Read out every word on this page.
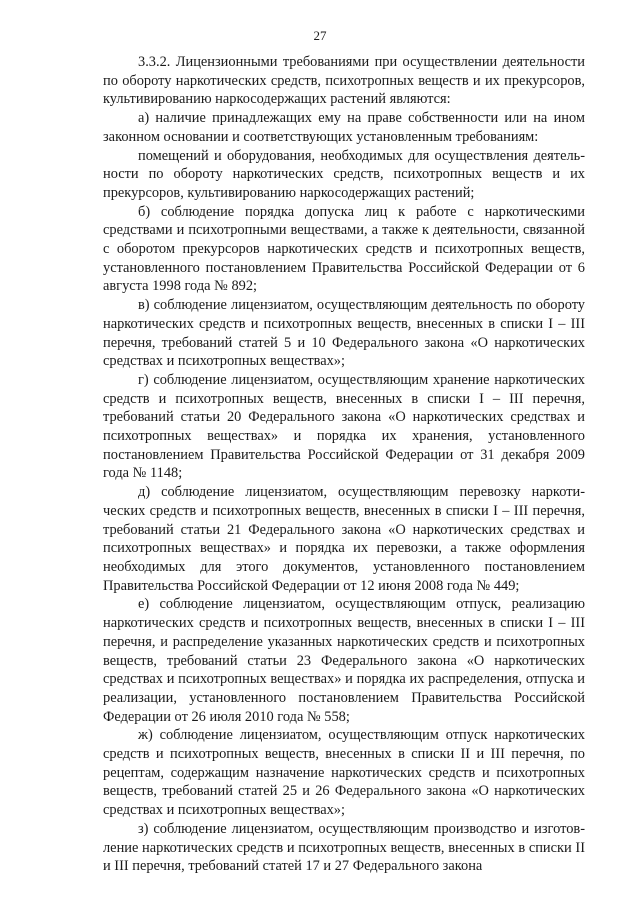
27

3.3.2. Лицензионными требованиями при осуществлении деятельности по обороту наркотических средств, психотропных веществ и их прекурсоров, культивированию наркосодержащих растений являются:

а) наличие принадлежащих ему на праве собственности или на ином законном основании и соответствующих установленным требованиям:

помещений и оборудования, необходимых для осуществления деятельности по обороту наркотических средств, психотропных веществ и их прекурсоров, культивированию наркосодержащих растений;

б) соблюдение порядка допуска лиц к работе с наркотическими средствами и психотропными веществами, а также к деятельности, связанной с оборотом прекурсоров наркотических средств и психотропных веществ, установленного постановлением Правительства Российской Федерации от 6 августа 1998 года № 892;

в) соблюдение лицензиатом, осуществляющим деятельность по обороту наркотических средств и психотропных веществ, внесенных в списки I – III перечня, требований статей 5 и 10 Федерального закона «О наркотических средствах и психотропных веществах»;

г) соблюдение лицензиатом, осуществляющим хранение наркотических средств и психотропных веществ, внесенных в списки I – III перечня, требований статьи 20 Федерального закона «О наркотических средствах и психотропных веществах» и порядка их хранения, установленного постановлением Правительства Российской Федерации от 31 декабря 2009 года № 1148;

д) соблюдение лицензиатом, осуществляющим перевозку наркотических средств и психотропных веществ, внесенных в списки I – III перечня, требований статьи 21 Федерального закона «О наркотических средствах и психотропных веществах» и порядка их перевозки, а также оформления необходимых для этого документов, установленного постановлением Правительства Российской Федерации от 12 июня 2008 года № 449;

е) соблюдение лицензиатом, осуществляющим отпуск, реализацию наркотических средств и психотропных веществ, внесенных в списки I – III перечня, и распределение указанных наркотических средств и психотропных веществ, требований статьи 23 Федерального закона «О наркотических средствах и психотропных веществах» и порядка их распределения, отпуска и реализации, установленного постановлением Правительства Российской Федерации от 26 июля 2010 года № 558;

ж) соблюдение лицензиатом, осуществляющим отпуск наркотических средств и психотропных веществ, внесенных в списки II и III перечня, по рецептам, содержащим назначение наркотических средств и психотропных веществ, требований статей 25 и 26 Федерального закона «О наркотических средствах и психотропных веществах»;

з) соблюдение лицензиатом, осуществляющим производство и изготовление наркотических средств и психотропных веществ, внесенных в списки II и III перечня, требований статей 17 и 27 Федерального закона
